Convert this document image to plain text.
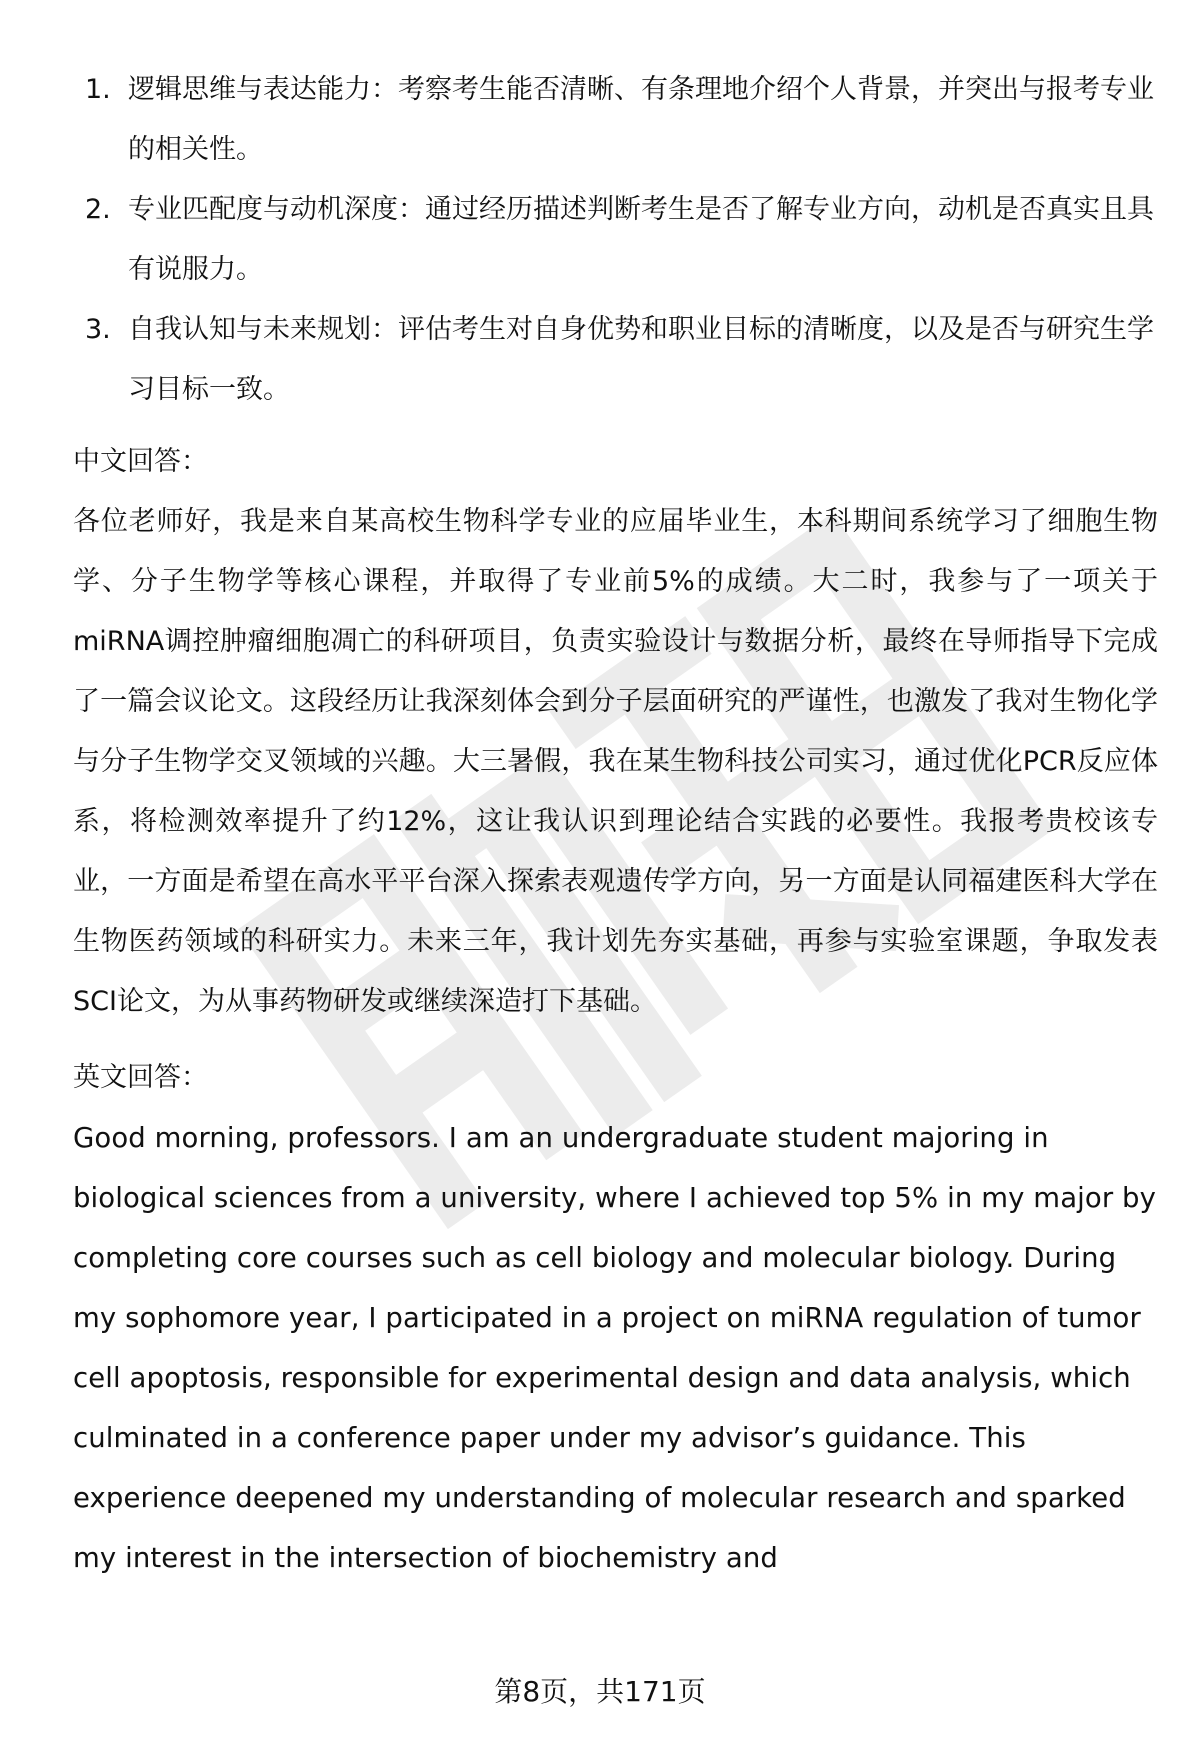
1. 逻辑思维与表达能力：考察考生能否清晰、有条理地介绍个人背景，并突出与报考专业的相关性。
2. 专业匹配度与动机深度：通过经历描述判断考生是否了解专业方向，动机是否真实且具有说服力。
3. 自我认知与未来规划：评估考生对自身优势和职业目标的清晰度，以及是否与研究生学习目标一致。

中文回答：

各位老师好，我是来自某高校生物科学专业的应届毕业生，本科期间系统学习了细胞生物学、分子生物学等核心课程，并取得了专业前5%的成绩。大二时，我参与了一项关于miRNA调控肿瘤细胞凋亡的科研项目，负责实验设计与数据分析，最终在导师指导下完成了一篇会议论文。这段经历让我深刻体会到分子层面研究的严谨性，也激发了我对生物化学与分子生物学交叉领域的兴趣。大三暑假，我在某生物科技公司实习，通过优化PCR反应体系，将检测效率提升了约12%，这让我认识到理论结合实践的必要性。我报考贵校该专业，一方面是希望在高水平平台深入探索表观遗传学方向，另一方面是认同福建医科大学在生物医药领域的科研实力。未来三年，我计划先夯实基础，再参与实验室课题，争取发表SCI论文，为从事药物研发或继续深造打下基础。

英文回答：

Good morning, professors. I am an undergraduate student majoring in biological sciences from a university, where I achieved top 5% in my major by completing core courses such as cell biology and molecular biology. During my sophomore year, I participated in a project on miRNA regulation of tumor cell apoptosis, responsible for experimental design and data analysis, which culminated in a conference paper under my advisor’s guidance. This experience deepened my understanding of molecular research and sparked my interest in the intersection of biochemistry and

第8页，共171页
